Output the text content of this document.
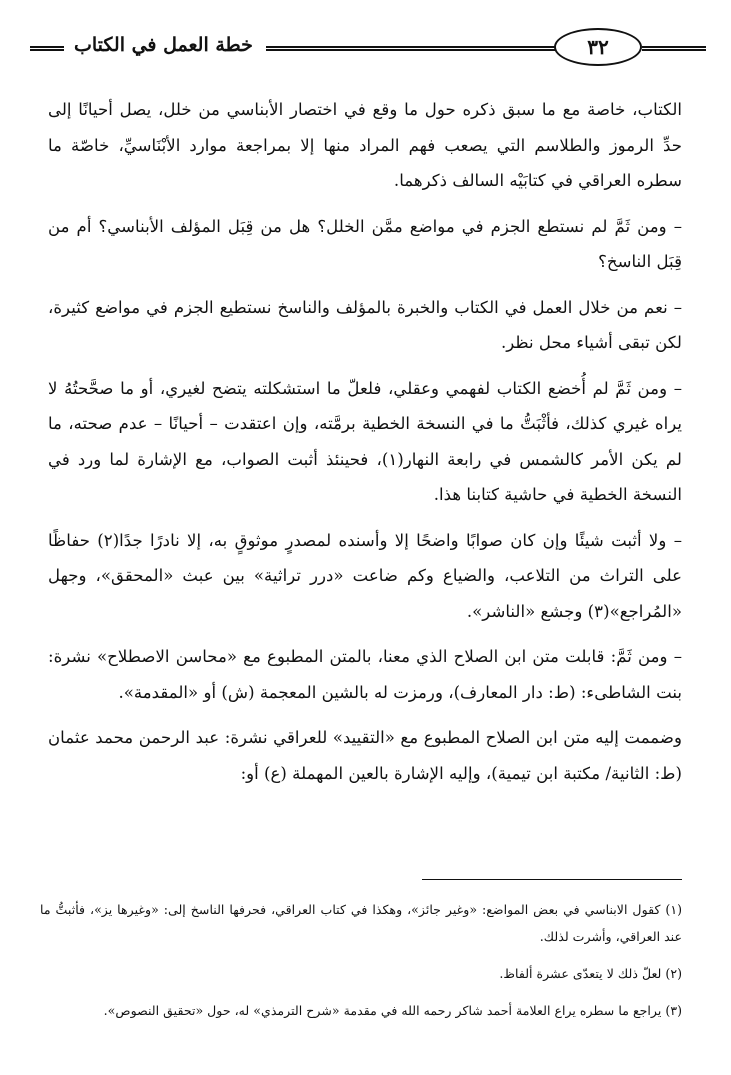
خطة العمل في الكتاب	٣٢

الكتاب، خاصة مع ما سبق ذكره حول ما وقع في اختصار الأبناسي من خلل، يصل أحيانًا إلى حدِّ الرموز والطلاسم التي يصعب فهم المراد منها إلا بمراجعة موارد الأبْنَاسيِّ، خاصّة ما سطره العراقي في كتابَيْه السالف ذكرهما.

– ومن ثَمَّ لم نستطع الجزم في مواضع ممَّن الخلل؟ هل من قِبَل المؤلف الأبناسي؟ أم من قِبَل الناسخ؟

– نعم من خلال العمل في الكتاب والخبرة بالمؤلف والناسخ نستطيع الجزم في مواضع كثيرة، لكن تبقى أشياء محل نظر.

– ومن ثَمَّ لم أُخضع الكتاب لفهمي وعقلي، فلعلّ ما استشكلته يتضح لغيري، أو ما صحَّحتُهُ لا يراه غيري كذلك، فأثْبَتُّ ما في النسخة الخطية برمَّته، وإن اعتقدت – أحيانًا – عدم صحته، ما لم يكن الأمر كالشمس في رابعة النهار(١)، فحينئذ أثبت الصواب، مع الإشارة لما ورد في النسخة الخطية في حاشية كتابنا هذا.

– ولا أثبت شيئًا وإن كان صوابًا واضحًا إلا وأسنده لمصدرٍ موثوقٍ به، إلا نادرًا جدًا(٢) حفاظًا على التراث من التلاعب، والضياع وكم ضاعت «درر تراثية» بين عبث «المحقق»، وجهل «المُراجع»(٣) وجشع «الناشر».

– ومن ثَمَّ: قابلت متن ابن الصلاح الذي معنا، بالمتن المطبوع مع «محاسن الاصطلاح» نشرة: بنت الشاطىء: (ط: دار المعارف)، ورمزت له بالشين المعجمة (ش) أو «المقدمة».

وضممت إليه متن ابن الصلاح المطبوع مع «التقييد» للعراقي نشرة: عبد الرحمن محمد عثمان (ط: الثانية/ مكتبة ابن تيمية)، وإليه الإشارة بالعين المهملة (ع) أو:

(١) كقول الابناسي في بعض المواضع: «وغير جائز»، وهكذا في كتاب العراقي، فحرفها الناسخ إلى: «وغيرها يز»، فأثبتُّ ما عند العراقي، وأشرت لذلك.

(٢) لعلّ ذلك لا يتعدّى عشرة ألفاظ.

(٣) يراجع ما سطره يراع العلامة أحمد شاكر رحمه الله في مقدمة «شرح الترمذي» له، حول «تحقيق النصوص».
